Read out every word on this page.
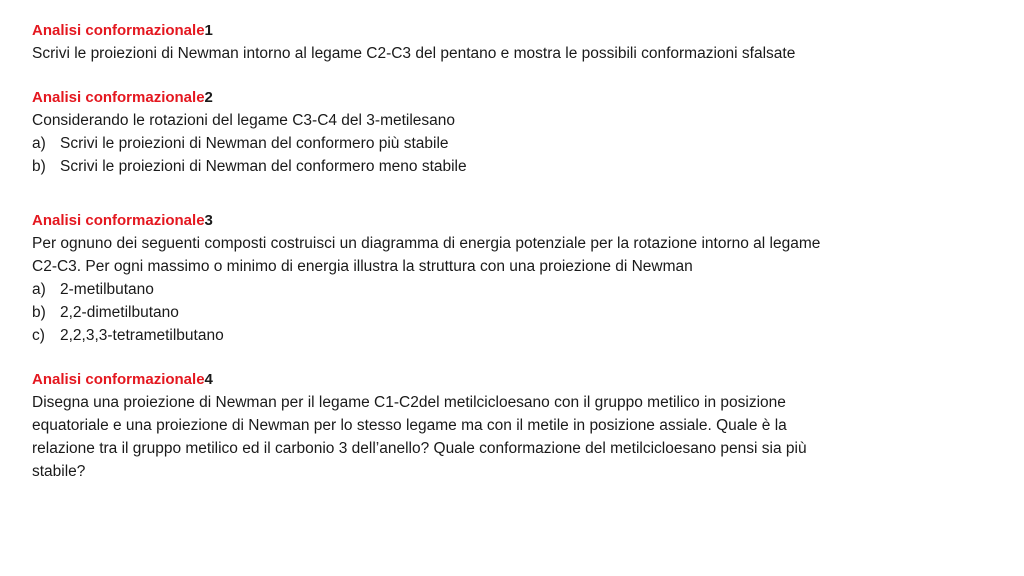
Analisi conformazionale1

Scrivi le proiezioni di Newman intorno al legame C2-C3 del pentano e mostra le possibili conformazioni sfalsate

Analisi conformazionale2

Considerando le rotazioni del legame C3-C4 del 3-metilesano

a) Scrivi le proiezioni di Newman del conformero più stabile
b) Scrivi le proiezioni di Newman del conformero meno stabile

Analisi conformazionale3

Per ognuno dei seguenti composti costruisci un diagramma di energia potenziale per la rotazione intorno al legame

C2-C3. Per ogni massimo o minimo di energia illustra la struttura con una proiezione di Newman

a) 2-metilbutano
b) 2,2-dimetilbutano
c) 2,2,3,3-tetrametilbutano

Analisi conformazionale4

Disegna una proiezione di Newman per il legame C1-C2del metilcicloesano con il gruppo metilico in posizione

equatoriale e una proiezione di Newman per lo stesso legame ma con il metile in posizione assiale. Quale è la

relazione tra il gruppo metilico ed il carbonio 3 dell’anello? Quale conformazione del metilcicloesano pensi sia più

stabile?
